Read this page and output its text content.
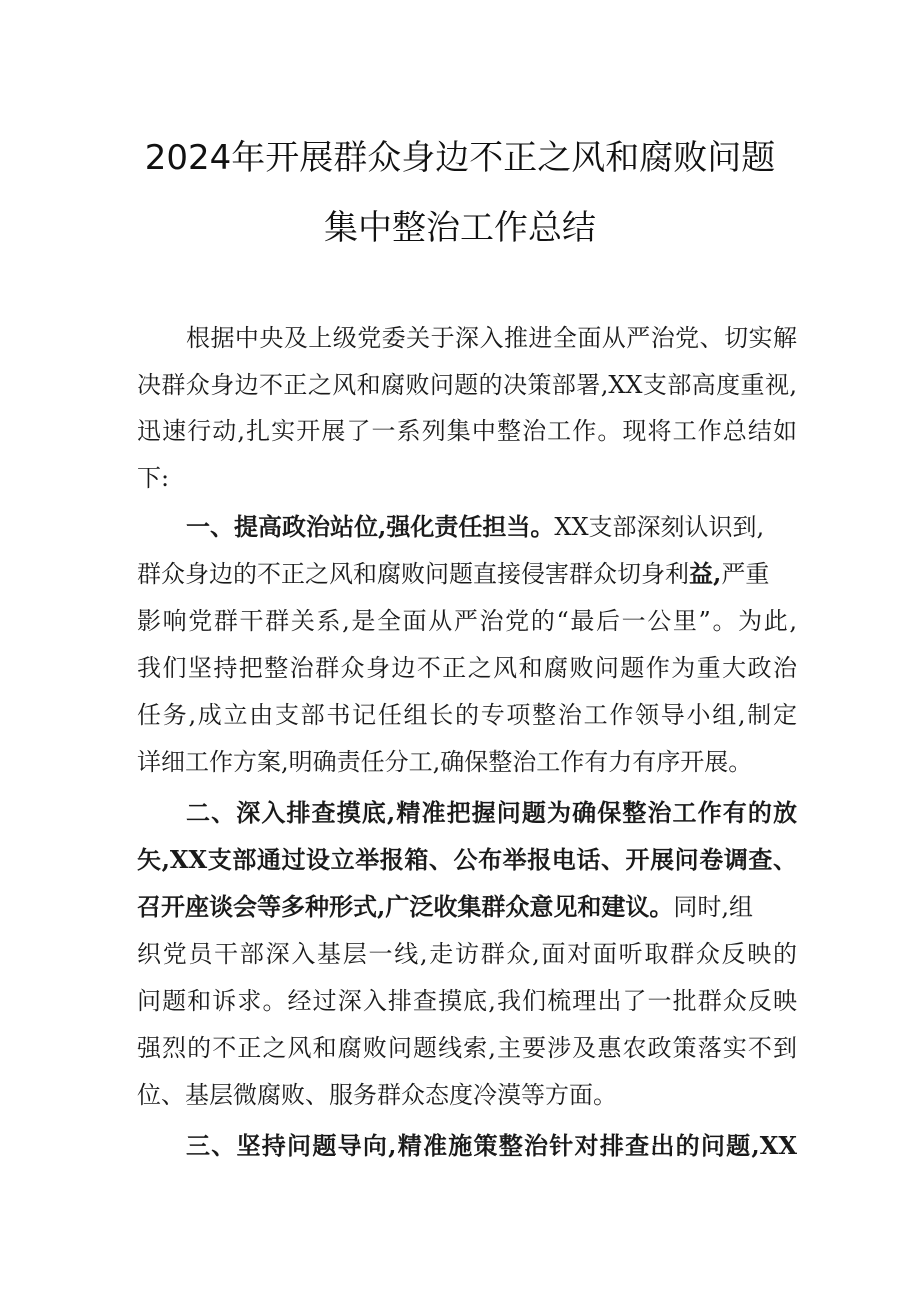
2024年开展群众身边不正之风和腐败问题
集中整治工作总结
根据中央及上级党委关于深入推进全面从严治党、切实解
决群众身边不正之风和腐败问题的决策部署,XX支部高度重视,
迅速行动,扎实开展了一系列集中整治工作。现将工作总结如
下:
一、提高政治站位,强化责任担当。XX支部深刻认识到,
群众身边的不正之风和腐败问题直接侵害群众切身利益,严重
影响党群干群关系,是全面从严治党的“最后一公里”。为此,
我们坚持把整治群众身边不正之风和腐败问题作为重大政治
任务,成立由支部书记任组长的专项整治工作领导小组,制定
详细工作方案,明确责任分工,确保整治工作有力有序开展。
二、深入排查摸底,精准把握问题为确保整治工作有的放
矢,XX支部通过设立举报箱、公布举报电话、开展问卷调查、
召开座谈会等多种形式,广泛收集群众意见和建议。同时,组
织党员干部深入基层一线,走访群众,面对面听取群众反映的
问题和诉求。经过深入排查摸底,我们梳理出了一批群众反映
强烈的不正之风和腐败问题线索,主要涉及惠农政策落实不到
位、基层微腐败、服务群众态度冷漠等方面。
三、坚持问题导向,精准施策整治针对排查出的问题,XX
